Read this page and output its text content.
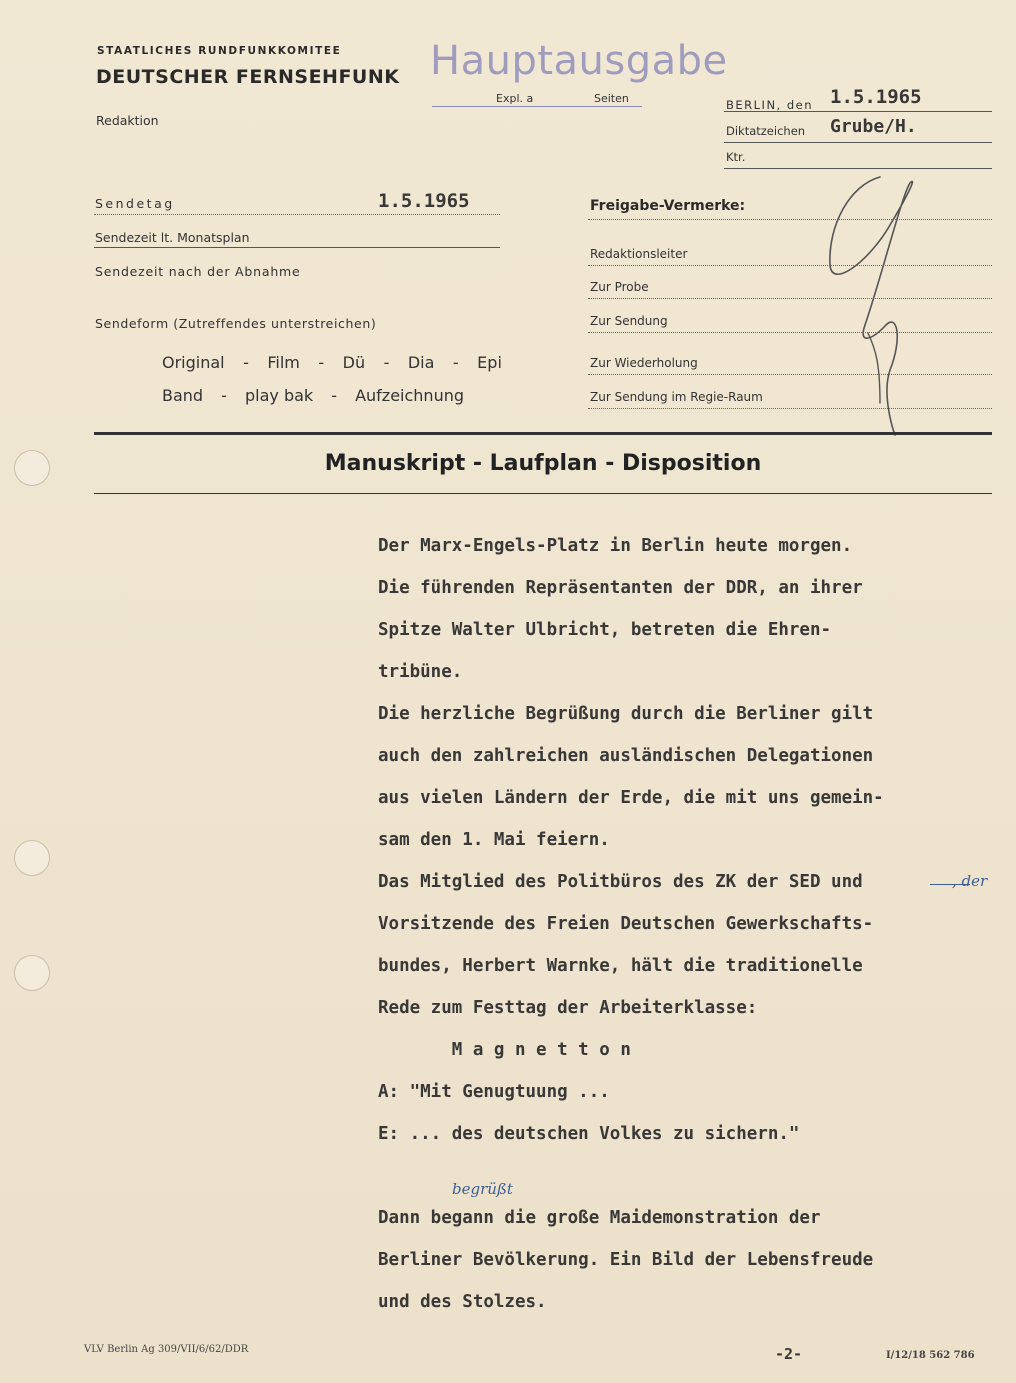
STAATLICHES RUNDFUNKKOMITEE
DEUTSCHER FERNSEHFUNK
Redaktion
Hauptausgabe
Expl. a	Seiten	BERLIN, den 1.5.1965
Diktatzeichen Grube/H.
Ktr.
Sendetag	1.5.1965
Sendezeit lt. Monatsplan
Sendezeit nach der Abnahme
Sendeform (Zutreffendes unterstreichen)
Original - Film - Dü - Dia - Epi
Band - play bak - Aufzeichnung
Freigabe-Vermerke:
Redaktionsleiter
Zur Probe
Zur Sendung
Zur Wiederholung
Zur Sendung im Regie-Raum
Manuskript - Laufplan - Disposition
Der Marx-Engels-Platz in Berlin heute morgen.
Die führenden Repräsentanten der DDR, an ihrer
Spitze Walter Ulbricht, betreten die Ehren-
tribüne.
Die herzliche Begrüßung durch die Berliner gilt
auch den zahlreichen ausländischen Delegationen
aus vielen Ländern der Erde, die mit uns gemein-
sam den 1. Mai feiern.
Das Mitglied des Politbüros des ZK der SED und
Vorsitzende des Freien Deutschen Gewerkschafts-
bundes, Herbert Warnke, hält die traditionelle
Rede zum Festtag der Arbeiterklasse:
M a g n e t t o n
A: "Mit Genugtuung ...
E: ... des deutschen Volkes zu sichern."
Dann begann die große Maidemonstration der
Berliner Bevölkerung. Ein Bild der Lebensfreude
und des Stolzes.
, der
begrüßt
VLV Berlin Ag 309/VII/6/62/DDR	-2-	I/12/18 562 786
